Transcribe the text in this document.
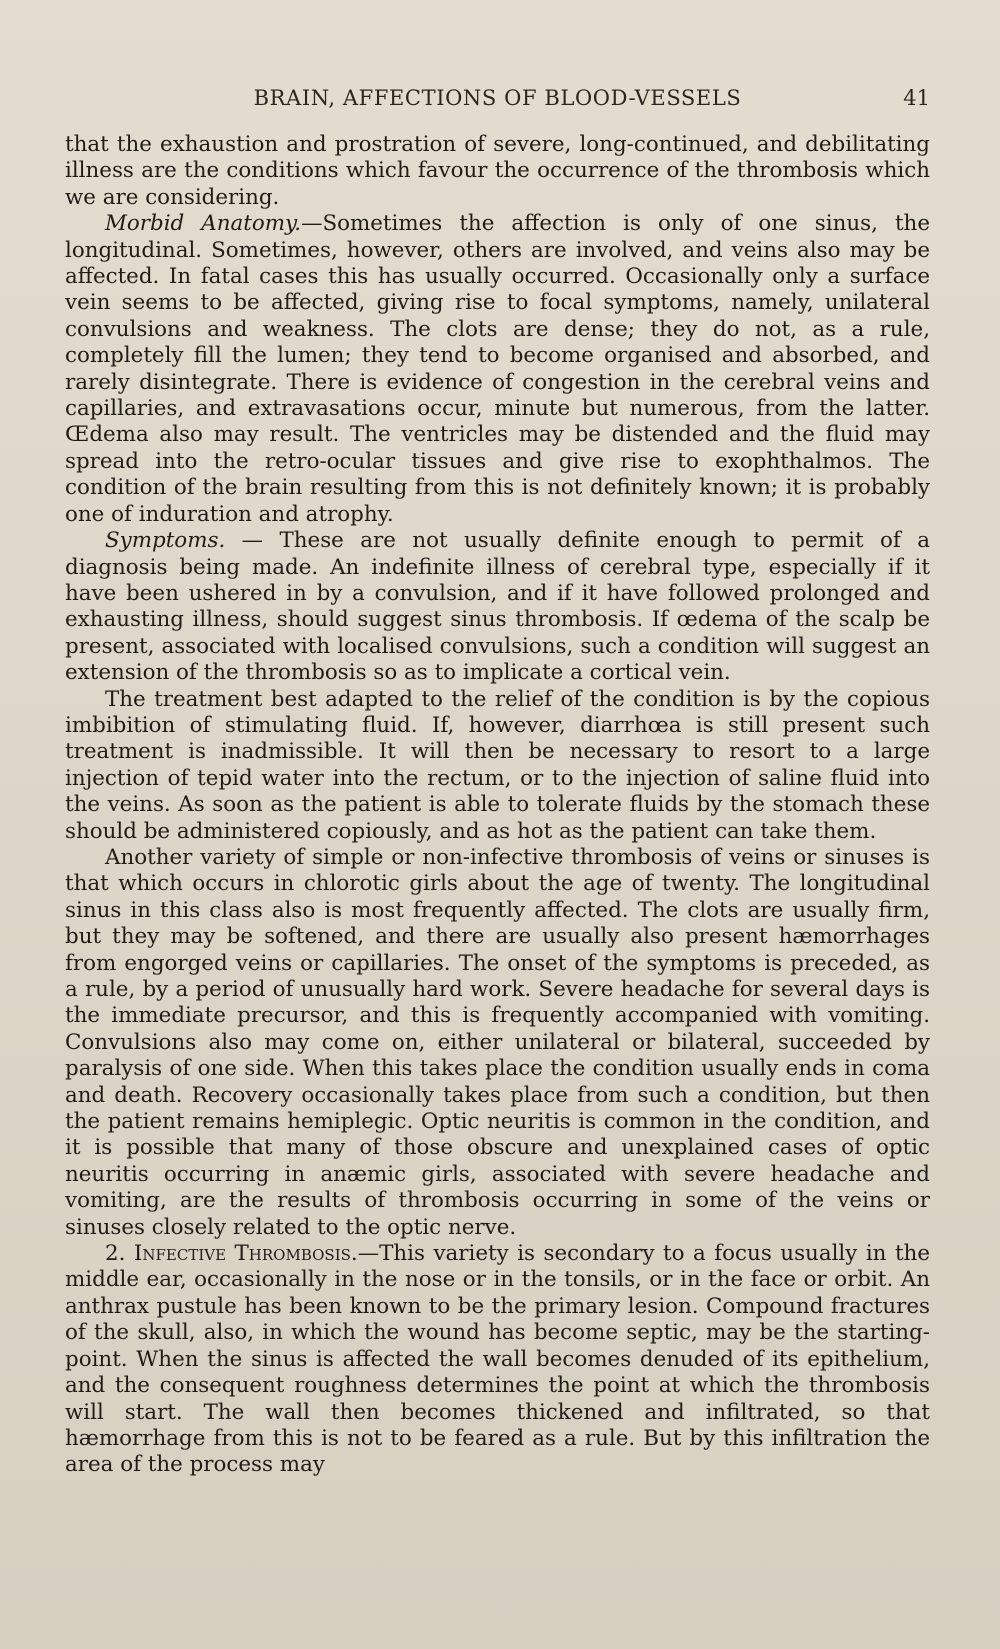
BRAIN, AFFECTIONS OF BLOOD-VESSELS	41

that the exhaustion and prostration of severe, long-continued, and debilitating illness are the conditions which favour the occurrence of the thrombosis which we are considering.

Morbid Anatomy.—Sometimes the affection is only of one sinus, the longitudinal. Sometimes, however, others are involved, and veins also may be affected. In fatal cases this has usually occurred. Occasionally only a surface vein seems to be affected, giving rise to focal symptoms, namely, unilateral convulsions and weakness. The clots are dense; they do not, as a rule, completely fill the lumen; they tend to become organised and absorbed, and rarely disintegrate. There is evidence of congestion in the cerebral veins and capillaries, and extravasations occur, minute but numerous, from the latter. Œdema also may result. The ventricles may be distended and the fluid may spread into the retro-ocular tissues and give rise to exophthalmos. The condition of the brain resulting from this is not definitely known; it is probably one of induration and atrophy.

Symptoms. — These are not usually definite enough to permit of a diagnosis being made. An indefinite illness of cerebral type, especially if it have been ushered in by a convulsion, and if it have followed prolonged and exhausting illness, should suggest sinus thrombosis. If œdema of the scalp be present, associated with localised convulsions, such a condition will suggest an extension of the thrombosis so as to implicate a cortical vein.

The treatment best adapted to the relief of the condition is by the copious imbibition of stimulating fluid. If, however, diarrhœa is still present such treatment is inadmissible. It will then be necessary to resort to a large injection of tepid water into the rectum, or to the injection of saline fluid into the veins. As soon as the patient is able to tolerate fluids by the stomach these should be administered copiously, and as hot as the patient can take them.

Another variety of simple or non-infective thrombosis of veins or sinuses is that which occurs in chlorotic girls about the age of twenty. The longitudinal sinus in this class also is most frequently affected. The clots are usually firm, but they may be softened, and there are usually also present hæmorrhages from engorged veins or capillaries. The onset of the symptoms is preceded, as a rule, by a period of unusually hard work. Severe headache for several days is the immediate precursor, and this is frequently accompanied with vomiting. Convulsions also may come on, either unilateral or bilateral, succeeded by paralysis of one side. When this takes place the condition usually ends in coma and death. Recovery occasionally takes place from such a condition, but then the patient remains hemiplegic. Optic neuritis is common in the condition, and it is possible that many of those obscure and unexplained cases of optic neuritis occurring in anæmic girls, associated with severe headache and vomiting, are the results of thrombosis occurring in some of the veins or sinuses closely related to the optic nerve.

2. Infective Thrombosis.—This variety is secondary to a focus usually in the middle ear, occasionally in the nose or in the tonsils, or in the face or orbit. An anthrax pustule has been known to be the primary lesion. Compound fractures of the skull, also, in which the wound has become septic, may be the starting-point. When the sinus is affected the wall becomes denuded of its epithelium, and the consequent roughness determines the point at which the thrombosis will start. The wall then becomes thickened and infiltrated, so that hæmorrhage from this is not to be feared as a rule. But by this infiltration the area of the process may
